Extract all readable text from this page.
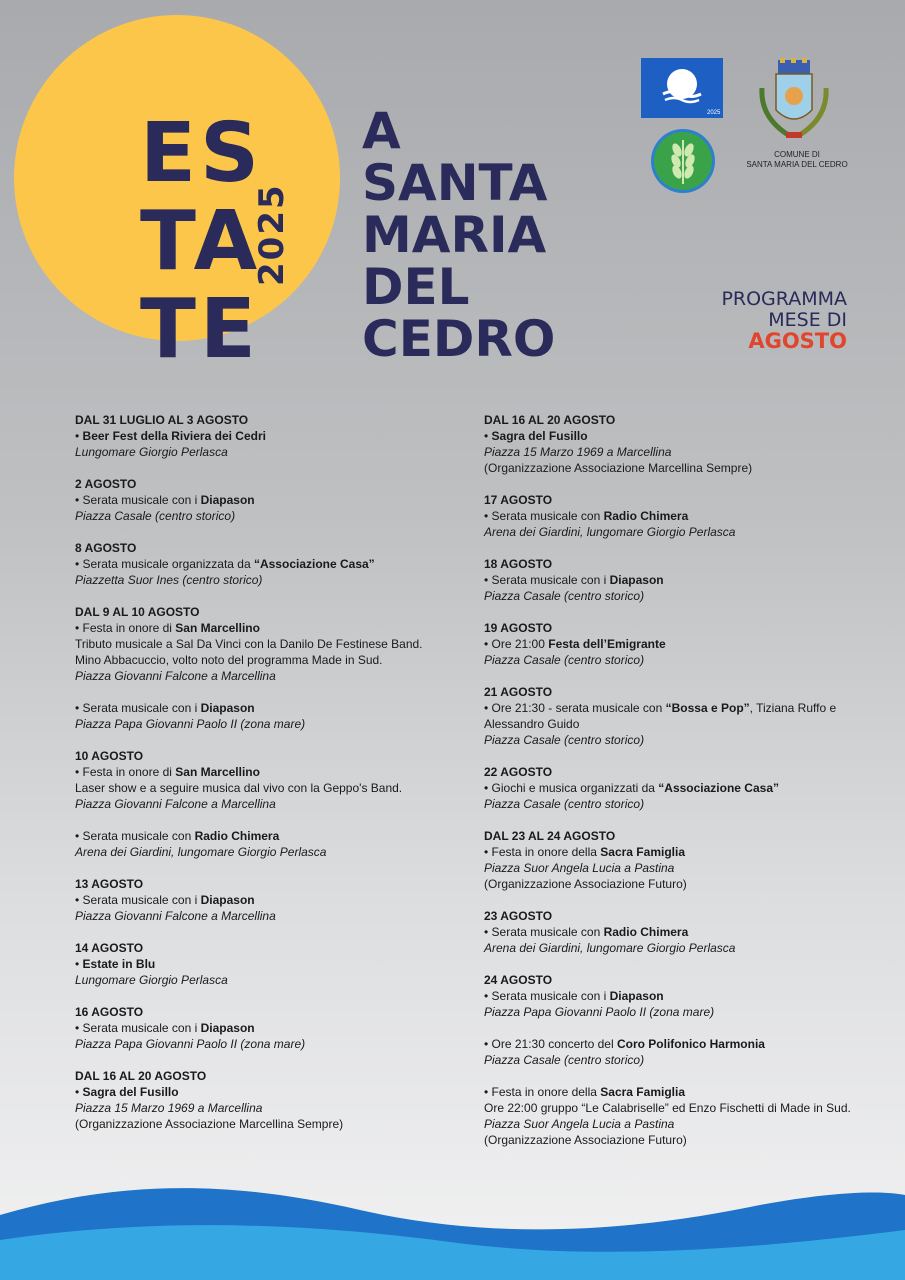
ES
TA
TE
2025
A
SANTA
MARIA
DEL
CEDRO
2025
COMUNE DI
SANTA MARIA DEL CEDRO
PROGRAMMA
MESE DI
AGOSTO
DAL 31 LUGLIO AL 3 AGOSTO
• Beer Fest della Riviera dei Cedri
Lungomare Giorgio Perlasca
2 AGOSTO
• Serata musicale con i Diapason
Piazza Casale (centro storico)
8 AGOSTO
• Serata musicale organizzata da “Associazione Casa”
Piazzetta Suor Ines (centro storico)
DAL 9 AL 10 AGOSTO
• Festa in onore di San Marcellino
Tributo musicale a Sal Da Vinci con la Danilo De Festinese Band.
Mino Abbacuccio, volto noto del programma Made in Sud.
Piazza Giovanni Falcone a Marcellina
• Serata musicale con i Diapason
Piazza Papa Giovanni Paolo II (zona mare)
10 AGOSTO
• Festa in onore di San Marcellino
Laser show e a seguire musica dal vivo con la Geppo's Band.
Piazza Giovanni Falcone a Marcellina
• Serata musicale con Radio Chimera
Arena dei Giardini, lungomare Giorgio Perlasca
13 AGOSTO
• Serata musicale con i Diapason
Piazza Giovanni Falcone a Marcellina
14 AGOSTO
• Estate in Blu
Lungomare Giorgio Perlasca
16 AGOSTO
• Serata musicale con i Diapason
Piazza Papa Giovanni Paolo II (zona mare)
DAL 16 AL 20 AGOSTO
• Sagra del Fusillo
Piazza 15 Marzo 1969 a Marcellina
(Organizzazione Associazione Marcellina Sempre)
DAL 16 AL 20 AGOSTO
• Sagra del Fusillo
Piazza 15 Marzo 1969 a Marcellina
(Organizzazione Associazione Marcellina Sempre)
17 AGOSTO
• Serata musicale con Radio Chimera
Arena dei Giardini, lungomare Giorgio Perlasca
18 AGOSTO
• Serata musicale con i Diapason
Piazza Casale (centro storico)
19 AGOSTO
• Ore 21:00 Festa dell’Emigrante
Piazza Casale (centro storico)
21 AGOSTO
• Ore 21:30 - serata musicale con “Bossa e Pop”, Tiziana Ruffo e Alessandro Guido
Piazza Casale (centro storico)
22 AGOSTO
• Giochi e musica organizzati da “Associazione Casa”
Piazza Casale (centro storico)
DAL 23 AL 24 AGOSTO
• Festa in onore della Sacra Famiglia
Piazza Suor Angela Lucia a Pastina
(Organizzazione Associazione Futuro)
23 AGOSTO
• Serata musicale con Radio Chimera
Arena dei Giardini, lungomare Giorgio Perlasca
24 AGOSTO
• Serata musicale con i Diapason
Piazza Papa Giovanni Paolo II (zona mare)
• Ore 21:30 concerto del Coro Polifonico Harmonia
Piazza Casale (centro storico)
• Festa in onore della Sacra Famiglia
Ore 22:00 gruppo “Le Calabriselle” ed Enzo Fischetti di Made in Sud.
Piazza Suor Angela Lucia a Pastina
(Organizzazione Associazione Futuro)
